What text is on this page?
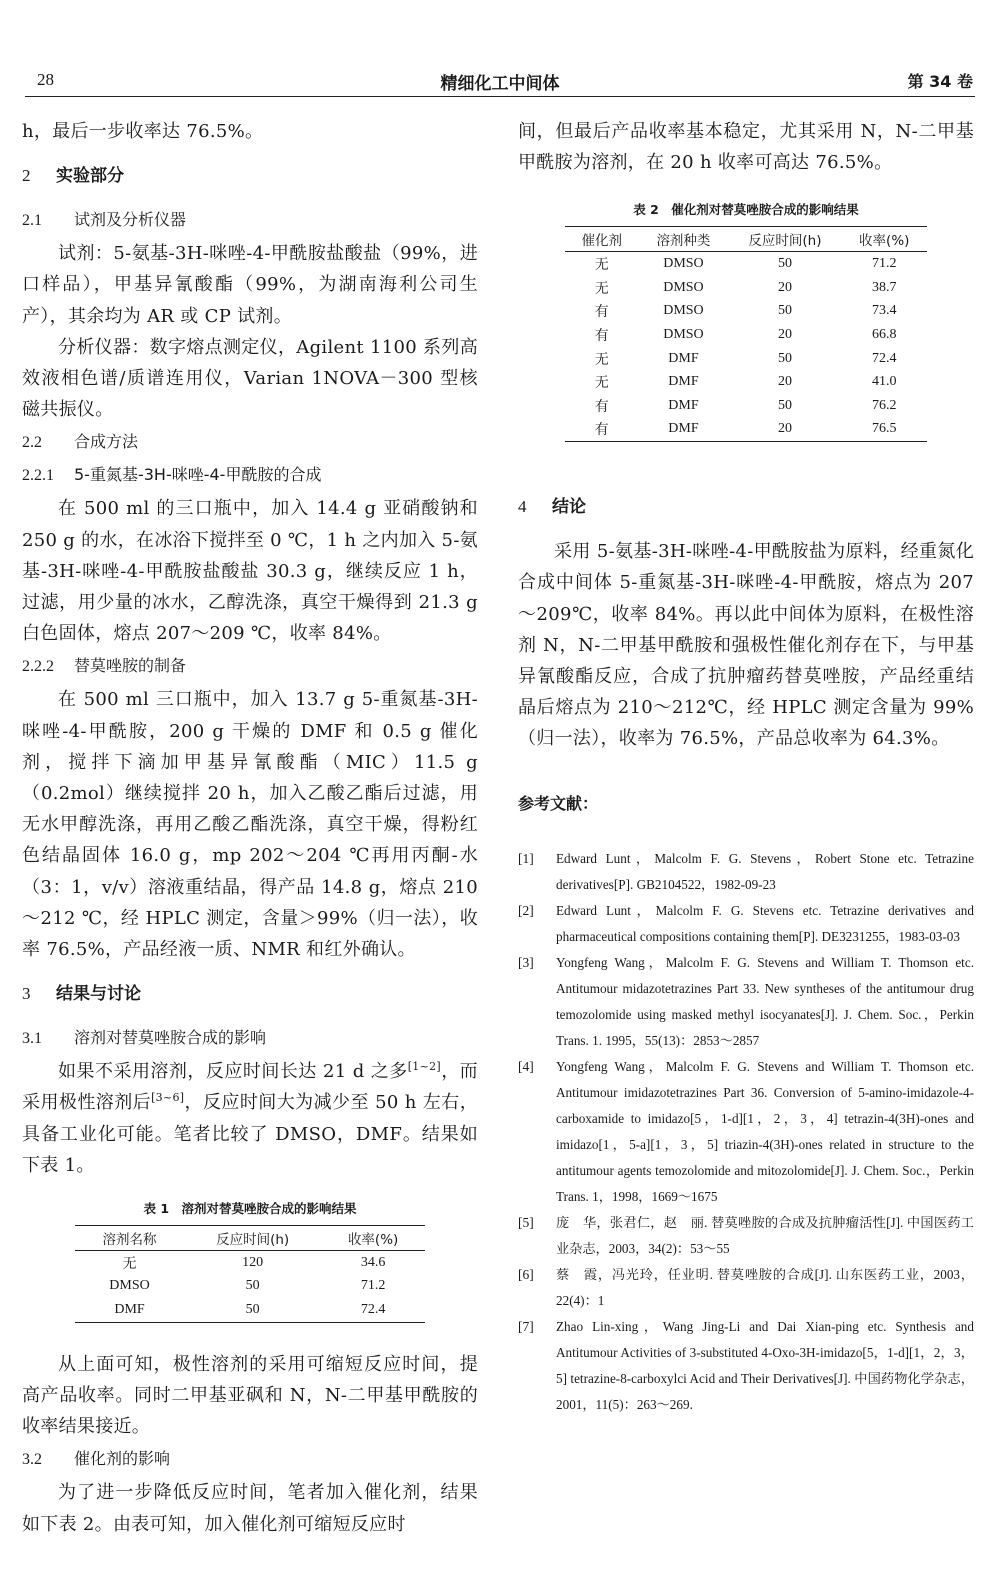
28	精细化工中间体	第 34 卷

h，最后一步收率达 76.5%。

2 实验部分
2.1 试剂及分析仪器

试剂：5-氨基-3H-咪唑-4-甲酰胺盐酸盐（99%，进口样品），甲基异氰酸酯（99%，为湖南海利公司生产），其余均为 AR 或 CP 试剂。

分析仪器：数字熔点测定仪，Agilent 1100 系列高效液相色谱/质谱连用仪，Varian 1NOVA－300 型核磁共振仪。

2.2 合成方法
2.2.1 5-重氮基-3H-咪唑-4-甲酰胺的合成

在 500 ml 的三口瓶中，加入 14.4 g 亚硝酸钠和 250 g 的水，在冰浴下搅拌至 0 ℃，1 h 之内加入 5-氨基-3H-咪唑-4-甲酰胺盐酸盐 30.3 g，继续反应 1 h，过滤，用少量的冰水，乙醇洗涤，真空干燥得到 21.3 g 白色固体，熔点 207～209 ℃，收率 84%。

2.2.2 替莫唑胺的制备

在 500 ml 三口瓶中，加入 13.7 g 5-重氮基-3H-咪唑-4-甲酰胺，200 g 干燥的 DMF 和 0.5 g 催化剂，搅拌下滴加甲基异氰酸酯（MIC）11.5 g（0.2mol）继续搅拌 20 h，加入乙酸乙酯后过滤，用无水甲醇洗涤，再用乙酸乙酯洗涤，真空干燥，得粉红色结晶固体 16.0 g，mp 202～204 ℃再用丙酮-水（3：1，v/v）溶液重结晶，得产品 14.8 g，熔点 210～212 ℃，经 HPLC 测定，含量＞99%（归一法），收率 76.5%，产品经液一质、NMR 和红外确认。

3 结果与讨论
3.1 溶剂对替莫唑胺合成的影响

如果不采用溶剂，反应时间长达 21 d 之多[1~2]，而采用极性溶剂后[3~6]，反应时间大为减少至 50 h 左右，具备工业化可能。笔者比较了 DMSO，DMF。结果如下表 1。

表 1　溶剂对替莫唑胺合成的影响结果
溶剂名称	反应时间(h)	收率(%)
无	120	34.6
DMSO	50	71.2
DMF	50	72.4

从上面可知，极性溶剂的采用可缩短反应时间，提高产品收率。同时二甲基亚砜和 N，N-二甲基甲酰胺的收率结果接近。

3.2 催化剂的影响

为了进一步降低反应时间，笔者加入催化剂，结果如下表 2。由表可知，加入催化剂可缩短反应时

间，但最后产品收率基本稳定，尤其采用 N，N-二甲基甲酰胺为溶剂，在 20 h 收率可高达 76.5%。

表 2　催化剂对替莫唑胺合成的影响结果
催化剂	溶剂种类	反应时间(h)	收率(%)
无	DMSO	50	71.2
无	DMSO	20	38.7
有	DMSO	50	73.4
有	DMSO	20	66.8
无	DMF	50	72.4
无	DMF	20	41.0
有	DMF	50	76.2
有	DMF	20	76.5
4 结论

采用 5-氨基-3H-咪唑-4-甲酰胺盐为原料，经重氮化合成中间体 5-重氮基-3H-咪唑-4-甲酰胺，熔点为 207～209℃，收率 84%。再以此中间体为原料，在极性溶剂 N，N-二甲基甲酰胺和强极性催化剂存在下，与甲基异氰酸酯反应，合成了抗肿瘤药替莫唑胺，产品经重结晶后熔点为 210～212℃，经 HPLC 测定含量为 99%（归一法），收率为 76.5%，产品总收率为 64.3%。

参考文献：
[1] Edward Lunt，Malcolm F. G. Stevens，Robert Stone etc. Tetrazine derivatives[P]. GB2104522，1982-09-23
[2] Edward Lunt，Malcolm F. G. Stevens etc. Tetrazine derivatives and pharmaceutical compositions containing them[P]. DE3231255，1983-03-03
[3] Yongfeng Wang，Malcolm F. G. Stevens and William T. Thomson etc. Antitumour midazotetrazines Part 33. New syntheses of the antitumour drug temozolomide using masked methyl isocyanates[J]. J. Chem. Soc.，Perkin Trans. 1. 1995，55(13)：2853～2857
[4] Yongfeng Wang，Malcolm F. G. Stevens and William T. Thomson etc. Antitumour imidazotetrazines Part 36. Conversion of 5-amino-imidazole-4- carboxamide to imidazo[5，1-d][1，2，3，4] tetrazin-4(3H)-ones and imidazo[1，5-a][1，3，5] triazin-4(3H)-ones related in structure to the antitumour agents temozolomide and mitozolomide[J]. J. Chem. Soc.，Perkin Trans. 1，1998，1669～1675
[5] 庞　华，张君仁，赵　丽. 替莫唑胺的合成及抗肿瘤活性[J]. 中国医药工业杂志，2003，34(2)：53～55
[6] 蔡　霞，冯光玲，任业明. 替莫唑胺的合成[J]. 山东医药工业，2003，22(4)：1
[7] Zhao Lin-xing，Wang Jing-Li and Dai Xian-ping etc. Synthesis and Antitumour Activities of 3-substituted 4-Oxo-3H-imidazo[5，1-d][1，2，3，5] tetrazine-8-carboxylci Acid and Their Derivatives[J]. 中国药物化学杂志，2001，11(5)：263～269.
